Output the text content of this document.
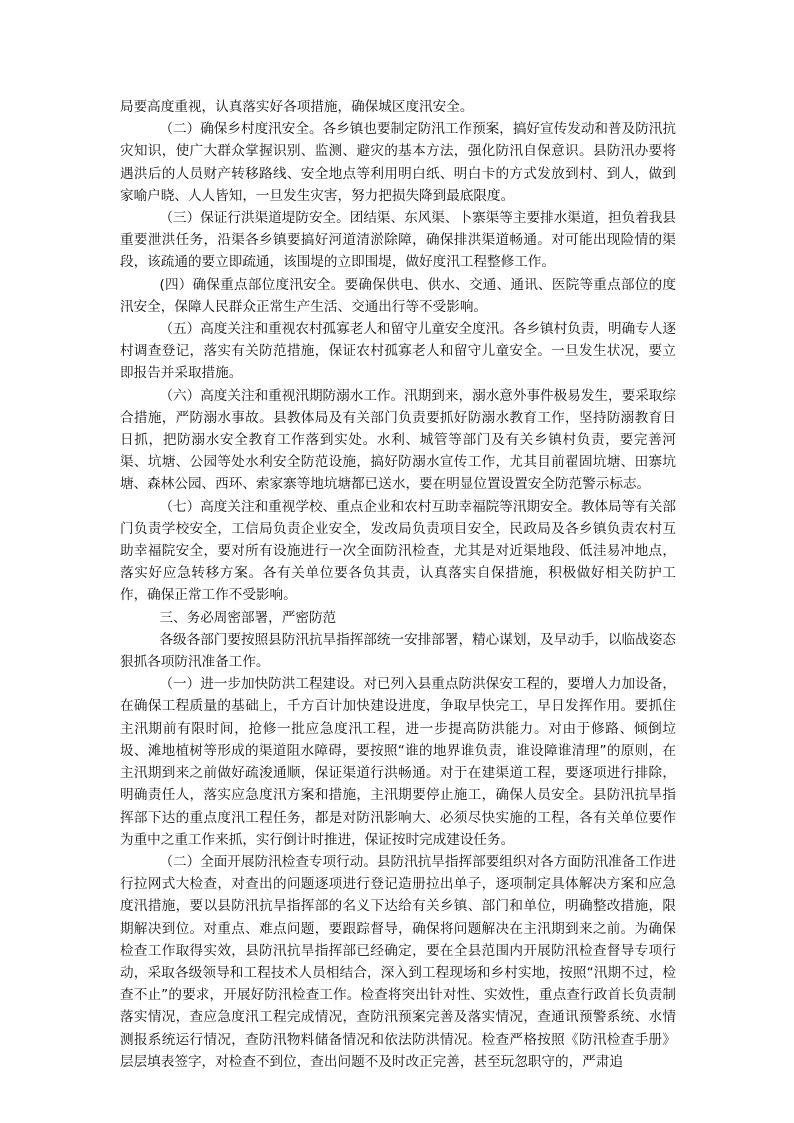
局要高度重视，认真落实好各项措施，确保城区度汛安全。

（二）确保乡村度汛安全。各乡镇也要制定防汛工作预案，搞好宣传发动和普及防汛抗灾知识，使广大群众掌握识别、监测、避灾的基本方法，强化防汛自保意识。县防汛办要将遇洪后的人员财产转移路线、安全地点等利用明白纸、明白卡的方式发放到村、到人，做到家喻户晓、人人皆知，一旦发生灾害，努力把损失降到最底限度。

（三）保证行洪渠道堤防安全。团结渠、东风渠、卜寨渠等主要排水渠道，担负着我县重要泄洪任务，沿渠各乡镇要搞好河道清淤除障，确保排洪渠道畅通。对可能出现险情的渠段，该疏通的要立即疏通，该围堤的立即围堤，做好度汛工程整修工作。

(四）确保重点部位度汛安全。要确保供电、供水、交通、通讯、医院等重点部位的度汛安全，保障人民群众正常生产生活、交通出行等不受影响。

（五）高度关注和重视农村孤寡老人和留守儿童安全度汛。各乡镇村负责，明确专人逐村调查登记，落实有关防范措施，保证农村孤寡老人和留守儿童安全。一旦发生状况，要立即报告并采取措施。

（六）高度关注和重视汛期防溺水工作。汛期到来，溺水意外事件极易发生，要采取综合措施，严防溺水事故。县教体局及有关部门负责要抓好防溺水教育工作，坚持防溺教育日日抓，把防溺水安全教育工作落到实处。水利、城管等部门及有关乡镇村负责，要完善河渠、坑塘、公园等处水利安全防范设施，搞好防溺水宣传工作，尤其目前翟固坑塘、田寨坑塘、森林公园、西环、索家寨等地坑塘都已送水，要在明显位置设置安全防范警示标志。

（七）高度关注和重视学校、重点企业和农村互助幸福院等汛期安全。教体局等有关部门负责学校安全，工信局负责企业安全，发改局负责项目安全，民政局及各乡镇负责农村互助幸福院安全，要对所有设施进行一次全面防汛检查，尤其是对近渠地段、低洼易冲地点，落实好应急转移方案。各有关单位要各负其责，认真落实自保措施，积极做好相关防护工作，确保正常工作不受影响。

三、务必周密部署，严密防范

各级各部门要按照县防汛抗旱指挥部统一安排部署，精心谋划，及早动手，以临战姿态狠抓各项防汛准备工作。

（一）进一步加快防洪工程建设。对已列入县重点防洪保安工程的，要增人力加设备，在确保工程质量的基础上，千方百计加快建设进度，争取早快完工，早日发挥作用。要抓住主汛期前有限时间，抢修一批应急度汛工程，进一步提高防洪能力。对由于修路、倾倒垃圾、滩地植树等形成的渠道阻水障碍，要按照“谁的地界谁负责，谁设障谁清理”的原则，在主汛期到来之前做好疏浚通顺，保证渠道行洪畅通。对于在建渠道工程，要逐项进行排除，明确责任人，落实应急度汛方案和措施，主汛期要停止施工，确保人员安全。县防汛抗旱指挥部下达的重点度汛工程任务，都是对防汛影响大、必须尽快实施的工程，各有关单位要作为重中之重工作来抓，实行倒计时推进，保证按时完成建设任务。

（二）全面开展防汛检查专项行动。县防汛抗旱指挥部要组织对各方面防汛准备工作进行拉网式大检查，对查出的问题逐项进行登记造册拉出单子，逐项制定具体解决方案和应急度汛措施，要以县防汛抗旱指挥部的名义下达给有关乡镇、部门和单位，明确整改措施，限期解决到位。对重点、难点问题，要跟踪督导，确保将问题解决在主汛期到来之前。为确保检查工作取得实效，县防汛抗旱指挥部已经确定，要在全县范围内开展防汛检查督导专项行动，采取各级领导和工程技术人员相结合，深入到工程现场和乡村实地，按照“汛期不过，检查不止”的要求，开展好防汛检查工作。检查将突出针对性、实效性，重点查行政首长负责制落实情况，查应急度汛工程完成情况，查防汛预案完善及落实情况，查通讯预警系统、水情测报系统运行情况，查防汛物料储备情况和依法防洪情况。检查严格按照《防汛检查手册》层层填表签字，对检查不到位，查出问题不及时改正完善，甚至玩忽职守的，严肃追
